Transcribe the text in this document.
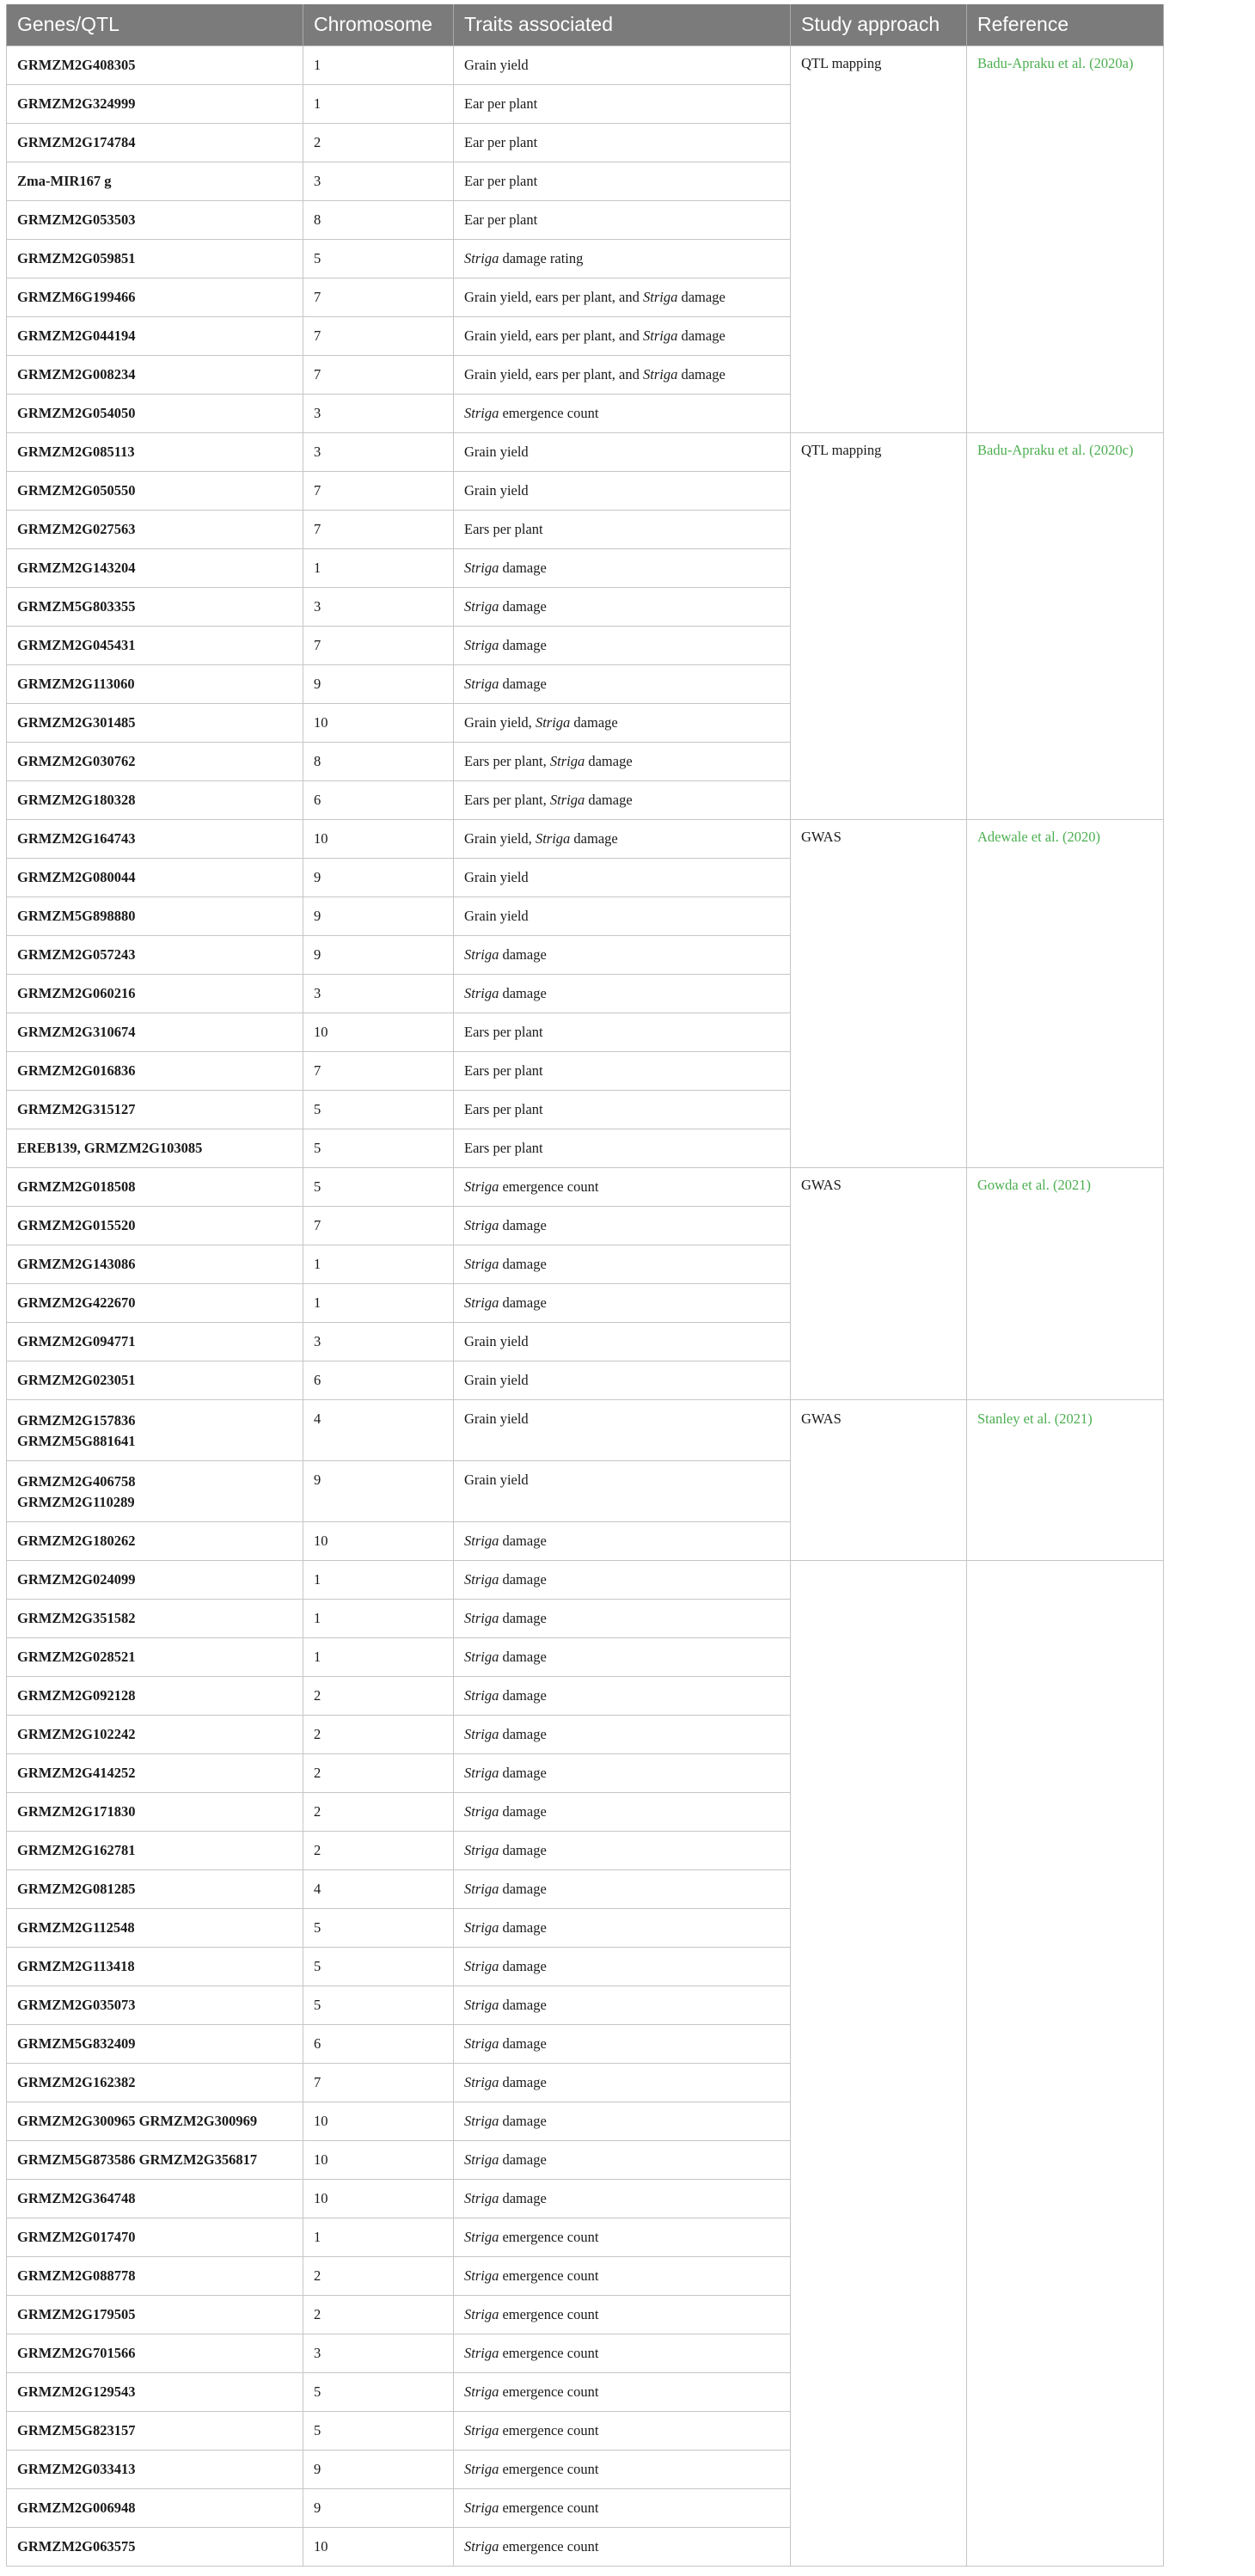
Genes/QTL	Chromosome	Traits associated	Study approach	Reference

GRMZM2G408305	1	Grain yield	QTL mapping	Badu-Apraku et al. (2020a)

GRMZM2G324999	1	Ear per plant		

GRMZM2G174784	2	Ear per plant		

Zma-MIR167 g	3	Ear per plant		

GRMZM2G053503	8	Ear per plant		

GRMZM2G059851	5	Striga damage rating		

GRMZM6G199466	7	Grain yield, ears per plant, and Striga damage		

GRMZM2G044194	7	Grain yield, ears per plant, and Striga damage		

GRMZM2G008234	7	Grain yield, ears per plant, and Striga damage		

GRMZM2G054050	3	Striga emergence count		

GRMZM2G085113	3	Grain yield	QTL mapping	Badu-Apraku et al. (2020c)

GRMZM2G050550	7	Grain yield		

GRMZM2G027563	7	Ears per plant		

GRMZM2G143204	1	Striga damage		

GRMZM5G803355	3	Striga damage		

GRMZM2G045431	7	Striga damage		

GRMZM2G113060	9	Striga damage		

GRMZM2G301485	10	Grain yield, Striga damage		

GRMZM2G030762	8	Ears per plant, Striga damage		

GRMZM2G180328	6	Ears per plant, Striga damage		

GRMZM2G164743	10	Grain yield, Striga damage	GWAS	Adewale et al. (2020)

GRMZM2G080044	9	Grain yield		

GRMZM5G898880	9	Grain yield		

GRMZM2G057243	9	Striga damage		

GRMZM2G060216	3	Striga damage		

GRMZM2G310674	10	Ears per plant		

GRMZM2G016836	7	Ears per plant		

GRMZM2G315127	5	Ears per plant		

EREB139, GRMZM2G103085	5	Ears per plant		

GRMZM2G018508	5	Striga emergence count	GWAS	Gowda et al. (2021)

GRMZM2G015520	7	Striga damage		

GRMZM2G143086	1	Striga damage		

GRMZM2G422670	1	Striga damage		

GRMZM2G094771	3	Grain yield		

GRMZM2G023051	6	Grain yield		

GRMZM2G157836
GRMZM5G881641	4	Grain yield	GWAS	Stanley et al. (2021)

GRMZM2G406758
GRMZM2G110289	9	Grain yield		

GRMZM2G180262	10	Striga damage		

GRMZM2G024099	1	Striga damage		

GRMZM2G351582	1	Striga damage		

GRMZM2G028521	1	Striga damage		

GRMZM2G092128	2	Striga damage		

GRMZM2G102242	2	Striga damage		

GRMZM2G414252	2	Striga damage		

GRMZM2G171830	2	Striga damage		

GRMZM2G162781	2	Striga damage		

GRMZM2G081285	4	Striga damage		

GRMZM2G112548	5	Striga damage		

GRMZM2G113418	5	Striga damage		

GRMZM2G035073	5	Striga damage		

GRMZM5G832409	6	Striga damage		

GRMZM2G162382	7	Striga damage		

GRMZM2G300965 GRMZM2G300969	10	Striga damage		

GRMZM5G873586 GRMZM2G356817	10	Striga damage		

GRMZM2G364748	10	Striga damage		

GRMZM2G017470	1	Striga emergence count		

GRMZM2G088778	2	Striga emergence count		

GRMZM2G179505	2	Striga emergence count		

GRMZM2G701566	3	Striga emergence count		

GRMZM2G129543	5	Striga emergence count		

GRMZM5G823157	5	Striga emergence count		

GRMZM2G033413	9	Striga emergence count		

GRMZM2G006948	9	Striga emergence count		

GRMZM2G063575	10	Striga emergence count		
